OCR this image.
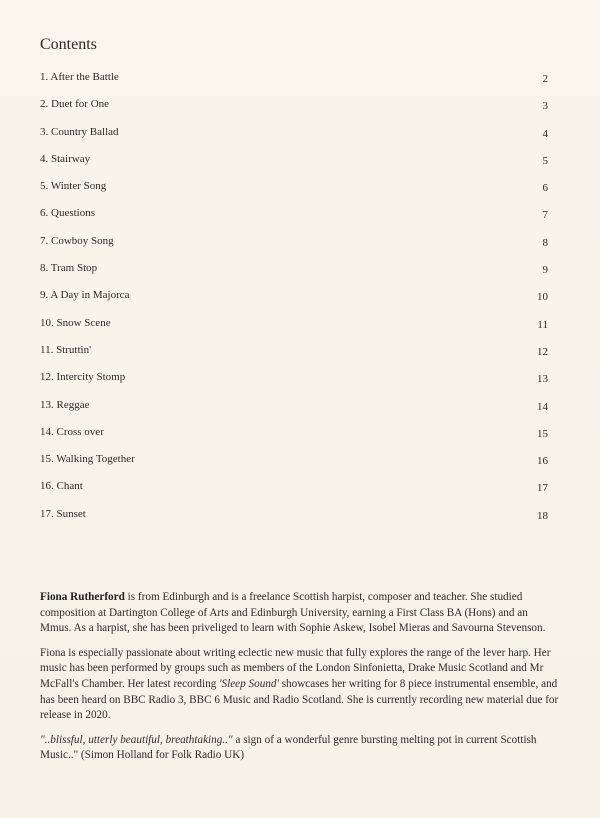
Contents
1. After the Battle	2
2. Duet for One	3
3. Country Ballad	4
4. Stairway	5
5. Winter Song	6
6. Questions	7
7. Cowboy Song	8
8. Tram Stop	9
9. A Day in Majorca	10
10. Snow Scene	11
11. Struttin'	12
12. Intercity Stomp	13
13. Reggae	14
14. Cross over	15
15. Walking Together	16
16. Chant	17
17. Sunset	18

Fiona Rutherford is from Edinburgh and is a freelance Scottish harpist, composer and teacher. She studied composition at Dartington College of Arts and Edinburgh University, earning a First Class BA (Hons) and an Mmus. As a harpist, she has been priveliged to learn with Sophie Askew, Isobel Mieras and Savourna Stevenson.

Fiona is especially passionate about writing eclectic new music that fully explores the range of the lever harp. Her music has been performed by groups such as members of the London Sinfonietta, Drake Music Scotland and Mr McFall's Chamber. Her latest recording 'Sleep Sound' showcases her writing for 8 piece instrumental ensemble, and has been heard on BBC Radio 3, BBC 6 Music and Radio Scotland. She is currently recording new material due for release in 2020.

"..blissful, utterly beautiful, breathtaking.." a sign of a wonderful genre bursting melting pot in current Scottish Music.." (Simon Holland for Folk Radio UK)
